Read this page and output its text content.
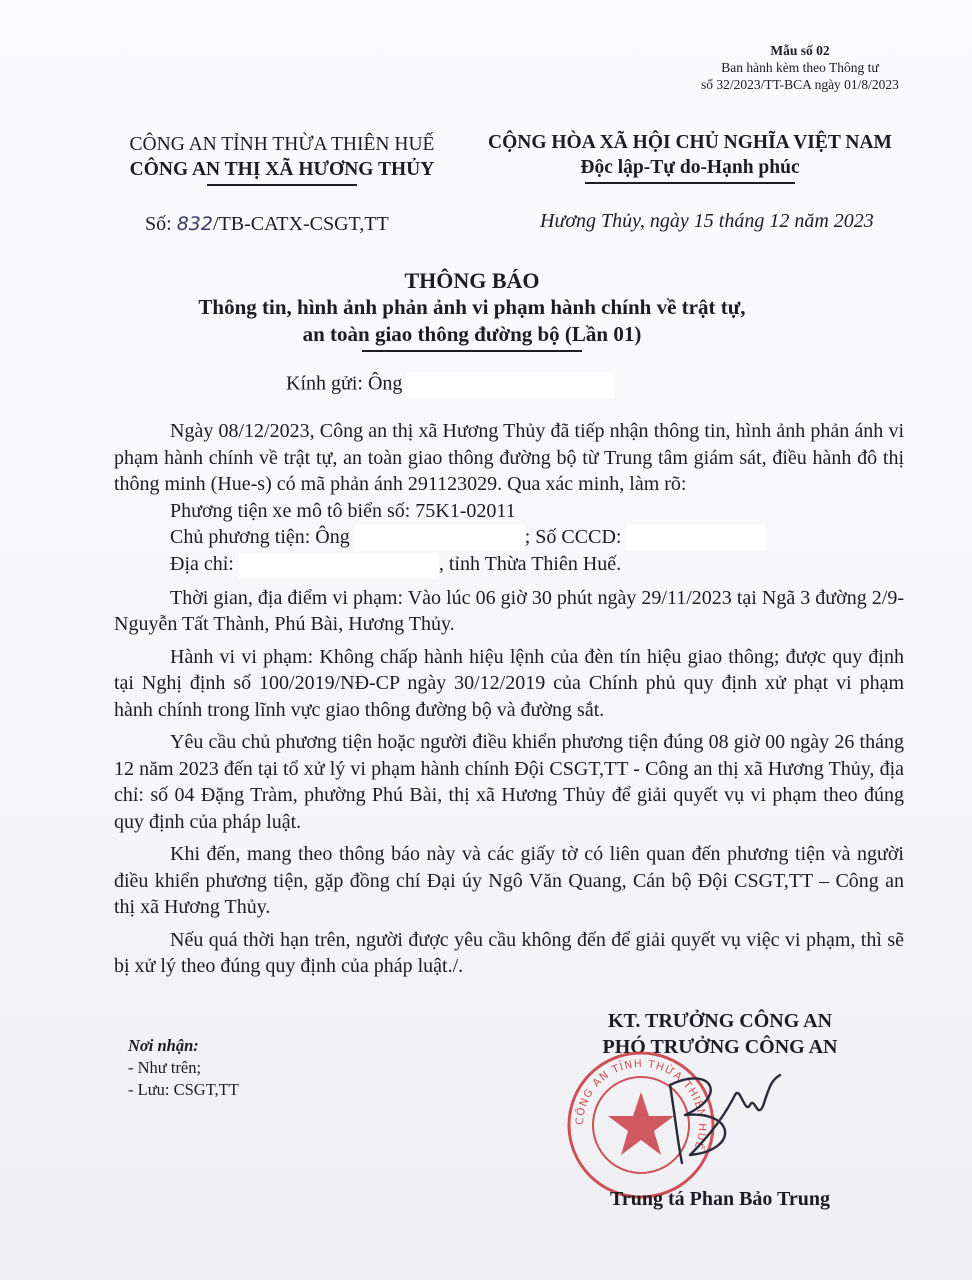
Mẫu số 02
Ban hành kèm theo Thông tư
số 32/2023/TT-BCA ngày 01/8/2023
CÔNG AN TỈNH THỪA THIÊN HUẾ
CÔNG AN THỊ XÃ HƯƠNG THỦY
CỘNG HÒA XÃ HỘI CHỦ NGHĨA VIỆT NAM
Độc lập-Tự do-Hạnh phúc
Số: 832/TB-CATX-CSGT,TT	Hương Thủy, ngày 15 tháng 12 năm 2023
THÔNG BÁO
Thông tin, hình ảnh phản ảnh vi phạm hành chính về trật tự,
an toàn giao thông đường bộ (Lần 01)
Kính gửi: Ông

Ngày 08/12/2023, Công an thị xã Hương Thủy đã tiếp nhận thông tin, hình ảnh phản ánh vi phạm hành chính về trật tự, an toàn giao thông đường bộ từ Trung tâm giám sát, điều hành đô thị thông minh (Hue-s) có mã phản ánh 291123029. Qua xác minh, làm rõ:

Phương tiện xe mô tô biển số: 75K1-02011

Chủ phương tiện: Ông	; Số CCCD:

Địa chỉ:	, tỉnh Thừa Thiên Huế.

Thời gian, địa điểm vi phạm: Vào lúc 06 giờ 30 phút ngày 29/11/2023 tại Ngã 3 đường 2/9- Nguyễn Tất Thành, Phú Bài, Hương Thủy.

Hành vi vi phạm: Không chấp hành hiệu lệnh của đèn tín hiệu giao thông; được quy định tại Nghị định số 100/2019/NĐ-CP ngày 30/12/2019 của Chính phủ quy định xử phạt vi phạm hành chính trong lĩnh vực giao thông đường bộ và đường sắt.

Yêu cầu chủ phương tiện hoặc người điều khiển phương tiện đúng 08 giờ 00 ngày 26 tháng 12 năm 2023 đến tại tổ xử lý vi phạm hành chính Đội CSGT,TT - Công an thị xã Hương Thủy, địa chỉ: số 04 Đặng Tràm, phường Phú Bài, thị xã Hương Thủy để giải quyết vụ vi phạm theo đúng quy định của pháp luật.

Khi đến, mang theo thông báo này và các giấy tờ có liên quan đến phương tiện và người điều khiển phương tiện, gặp đồng chí Đại úy Ngô Văn Quang, Cán bộ Đội CSGT,TT – Công an thị xã Hương Thủy.

Nếu quá thời hạn trên, người được yêu cầu không đến để giải quyết vụ việc vi phạm, thì sẽ bị xử lý theo đúng quy định của pháp luật./.

Nơi nhận:
- Như trên;
- Lưu: CSGT,TT
KT. TRƯỞNG CÔNG AN
PHÓ TRƯỞNG CÔNG AN
CÔNG AN TỈNH THỪA THIÊN HUẾ
Trung tá Phan Bảo Trung
